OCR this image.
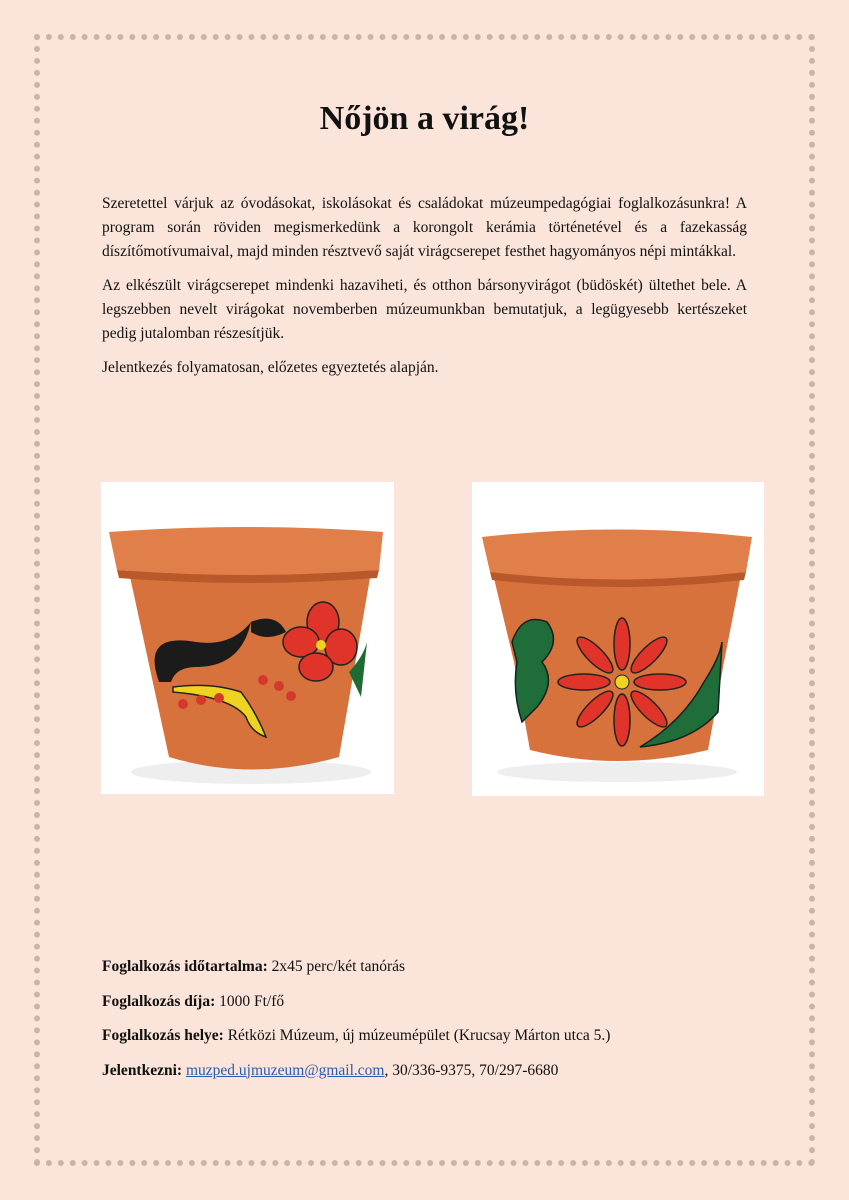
Nőjön a virág!

Szeretettel várjuk az óvodásokat, iskolásokat és családokat múzeumpedagógiai foglalkozásunkra! A program során röviden megismerkedünk a korongolt kerámia történetével és a fazekasság díszítőmotívumaival, majd minden résztvevő saját virágcserepet festhet hagyományos népi mintákkal.

Az elkészült virágcserepet mindenki hazaviheti, és otthon bársonyvirágot (büdöskét) ültethet bele. A legszebben nevelt virágokat novemberben múzeumunkban bemutatjuk, a legügyesebb kertészeket pedig jutalomban részesítjük.

Jelentkezés folyamatosan, előzetes egyeztetés alapján.

Foglalkozás időtartalma: 2x45 perc/két tanórás
Foglalkozás díja: 1000 Ft/fő
Foglalkozás helye: Rétközi Múzeum, új múzeumépület (Krucsay Márton utca 5.)
Jelentkezni: muzped.ujmuzeum@gmail.com, 30/336-9375, 70/297-6680
